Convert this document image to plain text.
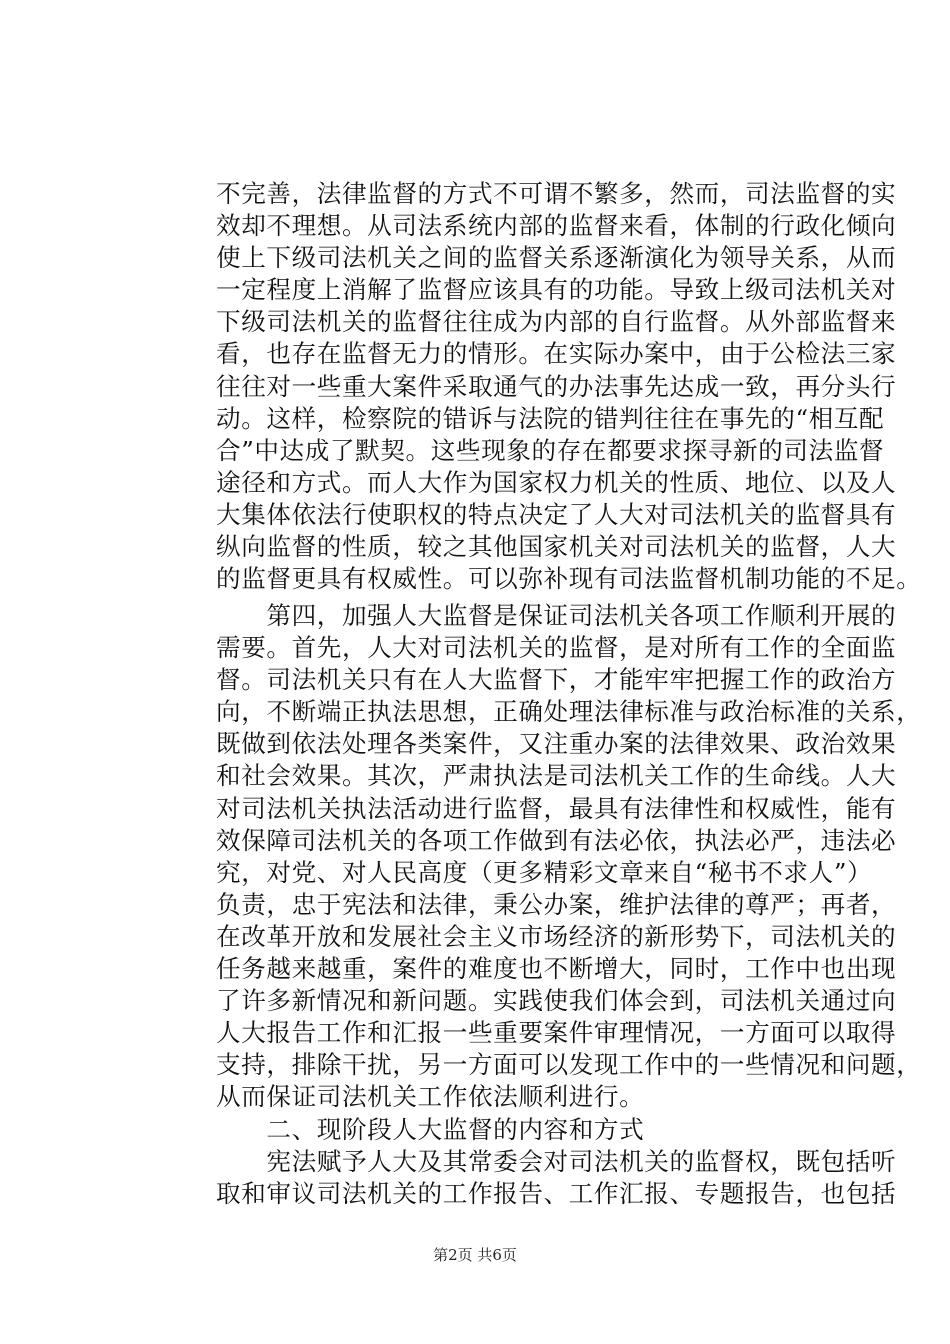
不完善，法律监督的方式不可谓不繁多，然而，司法监督的实
效却不理想。从司法系统内部的监督来看，体制的行政化倾向
使上下级司法机关之间的监督关系逐渐演化为领导关系，从而
一定程度上消解了监督应该具有的功能。导致上级司法机关对
下级司法机关的监督往往成为内部的自行监督。从外部监督来
看，也存在监督无力的情形。在实际办案中，由于公检法三家
往往对一些重大案件采取通气的办法事先达成一致，再分头行
动。这样，检察院的错诉与法院的错判往往在事先的“相互配
合”中达成了默契。这些现象的存在都要求探寻新的司法监督
途径和方式。而人大作为国家权力机关的性质、地位、以及人
大集体依法行使职权的特点决定了人大对司法机关的监督具有
纵向监督的性质，较之其他国家机关对司法机关的监督，人大
的监督更具有权威性。可以弥补现有司法监督机制功能的不足。
　　第四，加强人大监督是保证司法机关各项工作顺利开展的
需要。首先，人大对司法机关的监督，是对所有工作的全面监
督。司法机关只有在人大监督下，才能牢牢把握工作的政治方
向，不断端正执法思想，正确处理法律标准与政治标准的关系，
既做到依法处理各类案件，又注重办案的法律效果、政治效果
和社会效果。其次，严肃执法是司法机关工作的生命线。人大
对司法机关执法活动进行监督，最具有法律性和权威性，能有
效保障司法机关的各项工作做到有法必依，执法必严，违法必
究，对党、对人民高度（更多精彩文章来自“秘书不求人”）
负责，忠于宪法和法律，秉公办案，维护法律的尊严；再者，
在改革开放和发展社会主义市场经济的新形势下，司法机关的
任务越来越重，案件的难度也不断增大，同时，工作中也出现
了许多新情况和新问题。实践使我们体会到，司法机关通过向
人大报告工作和汇报一些重要案件审理情况，一方面可以取得
支持，排除干扰，另一方面可以发现工作中的一些情况和问题，
从而保证司法机关工作依法顺利进行。
　　二、现阶段人大监督的内容和方式
　　宪法赋予人大及其常委会对司法机关的监督权，既包括听
取和审议司法机关的工作报告、工作汇报、专题报告，也包括
第2页 共6页
